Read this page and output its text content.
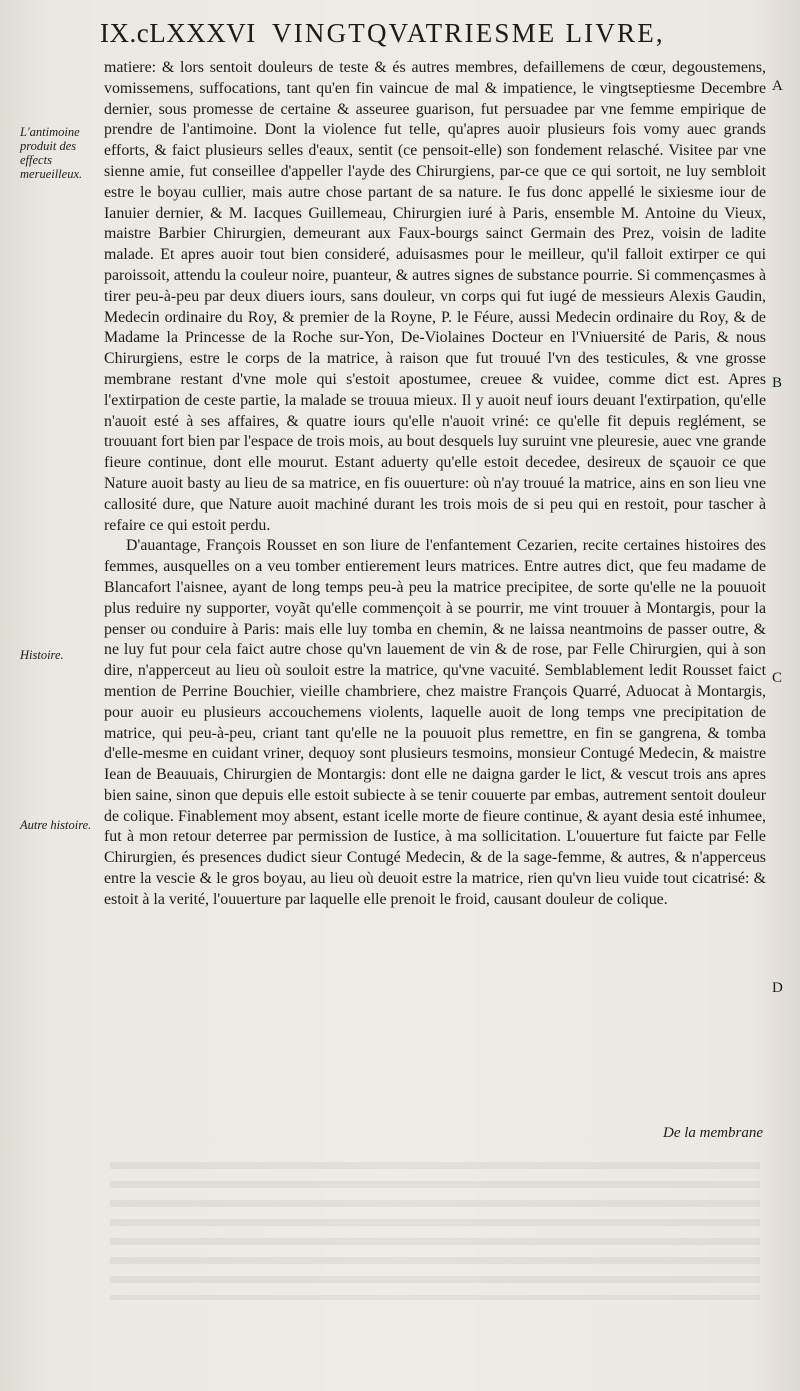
IX.cLXXXVI VINGTQVATRIESME LIVRE,
L'antimoine produit des effects merueilleux.
Histoire.
Autre histoire.
A
B
C
D

matiere: & lors sentoit douleurs de teste & és autres membres, defaillemens de cœur, degoustemens, vomissemens, suffocations, tant qu'en fin vaincue de mal & impatience, le vingtseptiesme Decembre dernier, sous promesse de certaine & asseuree guarison, fut persuadee par vne femme empirique de prendre de l'antimoine. Dont la violence fut telle, qu'apres auoir plusieurs fois vomy auec grands efforts, & faict plusieurs selles d'eaux, sentit (ce pensoit-elle) son fondement relasché. Visitee par vne sienne amie, fut conseillee d'appeller l'ayde des Chirurgiens, par-ce que ce qui sortoit, ne luy sembloit estre le boyau cullier, mais autre chose partant de sa nature. Ie fus donc appellé le sixiesme iour de Ianuier dernier, & M. Iacques Guillemeau, Chirurgien iuré à Paris, ensemble M. Antoine du Vieux, maistre Barbier Chirurgien, demeurant aux Faux-bourgs sainct Germain des Prez, voisin de ladite malade. Et apres auoir tout bien consideré, aduisasmes pour le meilleur, qu'il falloit extirper ce qui paroissoit, attendu la couleur noire, puanteur, & autres signes de substance pourrie. Si commençasmes à tirer peu-à-peu par deux diuers iours, sans douleur, vn corps qui fut iugé de messieurs Alexis Gaudin, Medecin ordinaire du Roy, & premier de la Royne, P. le Féure, aussi Medecin ordinaire du Roy, & de Madame la Princesse de la Roche sur-Yon, De-Violaines Docteur en l'Vniuersité de Paris, & nous Chirurgiens, estre le corps de la matrice, à raison que fut trouué l'vn des testicules, & vne grosse membrane restant d'vne mole qui s'estoit apostumee, creuee & vuidee, comme dict est. Apres l'extirpation de ceste partie, la malade se trouua mieux. Il y auoit neuf iours deuant l'extirpation, qu'elle n'auoit esté à ses affaires, & quatre iours qu'elle n'auoit vriné: ce qu'elle fit depuis reglément, se trouuant fort bien par l'espace de trois mois, au bout desquels luy suruint vne pleuresie, auec vne grande fieure continue, dont elle mourut. Estant aduerty qu'elle estoit decedee, desireux de sçauoir ce que Nature auoit basty au lieu de sa matrice, en fis ouuerture: où n'ay trouué la matrice, ains en son lieu vne callosité dure, que Nature auoit machiné durant les trois mois de si peu qui en restoit, pour tascher à refaire ce qui estoit perdu.

D'auantage, François Rousset en son liure de l'enfantement Cezarien, recite certaines histoires des femmes, ausquelles on a veu tomber entierement leurs matrices. Entre autres dict, que feu madame de Blancafort l'aisnee, ayant de long temps peu-à peu la matrice precipitee, de sorte qu'elle ne la pouuoit plus reduire ny supporter, voyãt qu'elle commençoit à se pourrir, me vint trouuer à Montargis, pour la penser ou conduire à Paris: mais elle luy tomba en chemin, & ne laissa neantmoins de passer outre, & ne luy fut pour cela faict autre chose qu'vn lauement de vin & de rose, par Felle Chirurgien, qui à son dire, n'apperceut au lieu où souloit estre la matrice, qu'vne vacuité. Semblablement ledit Rousset faict mention de Perrine Bouchier, vieille chambriere, chez maistre François Quarré, Aduocat à Montargis, pour auoir eu plusieurs accouchemens violents, laquelle auoit de long temps vne precipitation de matrice, qui peu-à-peu, criant tant qu'elle ne la pouuoit plus remettre, en fin se gangrena, & tomba d'elle-mesme en cuidant vriner, dequoy sont plusieurs tesmoins, monsieur Contugé Medecin, & maistre Iean de Beauuais, Chirurgien de Montargis: dont elle ne daigna garder le lict, & vescut trois ans apres bien saine, sinon que depuis elle estoit subiecte à se tenir couuerte par embas, autrement sentoit douleur de colique. Finablement moy absent, estant icelle morte de fieure continue, & ayant desia esté inhumee, fut à mon retour deterree par permission de Iustice, à ma sollicitation. L'ouuerture fut faicte par Felle Chirurgien, és presences dudict sieur Contugé Medecin, & de la sage-femme, & autres, & n'apperceus entre la vescie & le gros boyau, au lieu où deuoit estre la matrice, rien qu'vn lieu vuide tout cicatrisé: & estoit à la verité, l'ouuerture par laquelle elle prenoit le froid, causant douleur de colique.

De la membrane
